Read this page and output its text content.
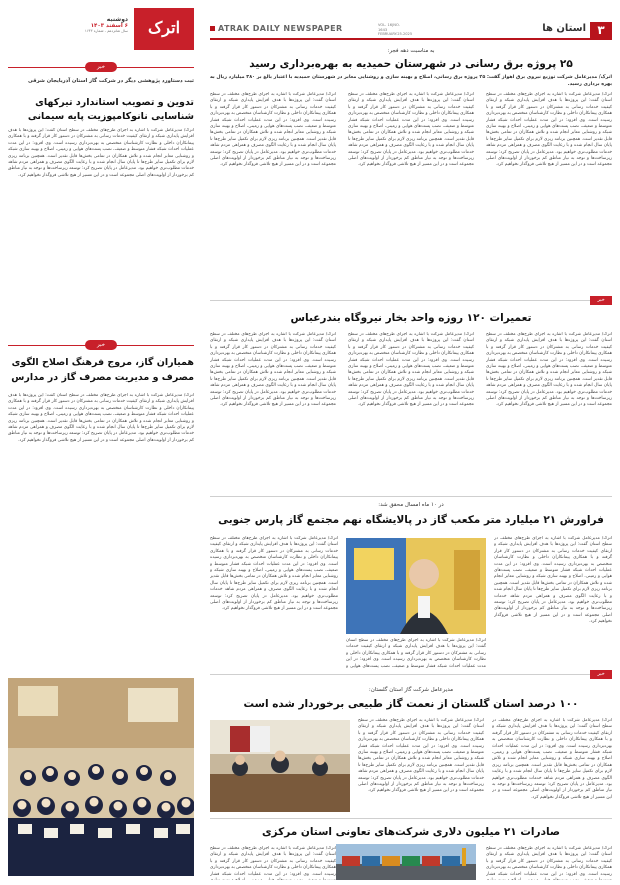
۳
استان ها
VOL. 16|NO. 1643
FEBRUARY.25.2025
ATRAK DAILY NEWSPAPER
اترک
دوشنبه
۶ اسفند ۱۴۰۳
سال شانزدهم - شماره ۱۶۴۳
خبر
ثبت دستاورد پژوهشی دیگر در شرکت گاز استان آذربایجان شرقی
تدوین و تصویب استاندارد تیرکهای شناسایی نانوکامپوزیت پایه سیمانی
اترک/ مدیرعامل شرکت با اشاره به اجرای طرح‌های مختلف در سطح استان گفت: این پروژه‌ها با هدف افزایش پایداری شبکه و ارتقای کیفیت خدمات رسانی به مشترکان در دستور کار قرار گرفته و با همکاری پیمانکاران داخلی و نظارت کارشناسان متخصص به بهره‌برداری رسیده است. وی افزود: در این مدت عملیات احداث شبکه فشار متوسط و ضعیف، نصب پست‌های هوایی و زمینی، اصلاح و بهینه سازی شبکه و روشنایی معابر انجام شده و تلاش همکاران در تمامی بخش‌ها قابل تقدیر است. همچنین برنامه ریزی لازم برای تکمیل سایر طرح‌ها تا پایان سال انجام شده و با رعایت الگوی مصرف و همراهی مردم شاهد خدمات مطلوب‌تری خواهیم بود. مدیرعامل در پایان تصریح کرد: توسعه زیرساخت‌ها و توجه به نیاز مناطق کم برخوردار از اولویت‌های اصلی مجموعه است و در این مسیر از هیچ تلاشی فروگذار نخواهیم کرد.
خبر
همیاران گاز، مروج فرهنگ اصلاح الگوی
مصرف و مدیریت مصرف گاز در مدارس
اترک/ مدیرعامل شرکت با اشاره به اجرای طرح‌های مختلف در سطح استان گفت: این پروژه‌ها با هدف افزایش پایداری شبکه و ارتقای کیفیت خدمات رسانی به مشترکان در دستور کار قرار گرفته و با همکاری پیمانکاران داخلی و نظارت کارشناسان متخصص به بهره‌برداری رسیده است. وی افزود: در این مدت عملیات احداث شبکه فشار متوسط و ضعیف، نصب پست‌های هوایی و زمینی، اصلاح و بهینه سازی شبکه و روشنایی معابر انجام شده و تلاش همکاران در تمامی بخش‌ها قابل تقدیر است. همچنین برنامه ریزی لازم برای تکمیل سایر طرح‌ها تا پایان سال انجام شده و با رعایت الگوی مصرف و همراهی مردم شاهد خدمات مطلوب‌تری خواهیم بود. مدیرعامل در پایان تصریح کرد: توسعه زیرساخت‌ها و توجه به نیاز مناطق کم برخوردار از اولویت‌های اصلی مجموعه است و در این مسیر از هیچ تلاشی فروگذار نخواهیم کرد.
به مناسبت دهه فجر:
۲۵ پروژه برق رسانی در شهرستان حمیدیه به بهره‌برداری رسید
اترک/ مدیرعامل شرکت توزیع نیروی برق اهواز گفت: ۲۵ پروژه برق رسانی، اصلاح و بهینه سازی و روشنایی معابر در شهرستان حمیدیه با اعتبار بالغ بر ۳۸۰ میلیارد ریال به بهره برداری رسید.
اترک/ مدیرعامل شرکت با اشاره به اجرای طرح‌های مختلف در سطح استان گفت: این پروژه‌ها با هدف افزایش پایداری شبکه و ارتقای کیفیت خدمات رسانی به مشترکان در دستور کار قرار گرفته و با همکاری پیمانکاران داخلی و نظارت کارشناسان متخصص به بهره‌برداری رسیده است. وی افزود: در این مدت عملیات احداث شبکه فشار متوسط و ضعیف، نصب پست‌های هوایی و زمینی، اصلاح و بهینه سازی شبکه و روشنایی معابر انجام شده و تلاش همکاران در تمامی بخش‌ها قابل تقدیر است. همچنین برنامه ریزی لازم برای تکمیل سایر طرح‌ها تا پایان سال انجام شده و با رعایت الگوی مصرف و همراهی مردم شاهد خدمات مطلوب‌تری خواهیم بود. مدیرعامل در پایان تصریح کرد: توسعه زیرساخت‌ها و توجه به نیاز مناطق کم برخوردار از اولویت‌های اصلی مجموعه است و در این مسیر از هیچ تلاشی فروگذار نخواهیم کرد.
اترک/ مدیرعامل شرکت با اشاره به اجرای طرح‌های مختلف در سطح استان گفت: این پروژه‌ها با هدف افزایش پایداری شبکه و ارتقای کیفیت خدمات رسانی به مشترکان در دستور کار قرار گرفته و با همکاری پیمانکاران داخلی و نظارت کارشناسان متخصص به بهره‌برداری رسیده است. وی افزود: در این مدت عملیات احداث شبکه فشار متوسط و ضعیف، نصب پست‌های هوایی و زمینی، اصلاح و بهینه سازی شبکه و روشنایی معابر انجام شده و تلاش همکاران در تمامی بخش‌ها قابل تقدیر است. همچنین برنامه ریزی لازم برای تکمیل سایر طرح‌ها تا پایان سال انجام شده و با رعایت الگوی مصرف و همراهی مردم شاهد خدمات مطلوب‌تری خواهیم بود. مدیرعامل در پایان تصریح کرد: توسعه زیرساخت‌ها و توجه به نیاز مناطق کم برخوردار از اولویت‌های اصلی مجموعه است و در این مسیر از هیچ تلاشی فروگذار نخواهیم کرد.
اترک/ مدیرعامل شرکت با اشاره به اجرای طرح‌های مختلف در سطح استان گفت: این پروژه‌ها با هدف افزایش پایداری شبکه و ارتقای کیفیت خدمات رسانی به مشترکان در دستور کار قرار گرفته و با همکاری پیمانکاران داخلی و نظارت کارشناسان متخصص به بهره‌برداری رسیده است. وی افزود: در این مدت عملیات احداث شبکه فشار متوسط و ضعیف، نصب پست‌های هوایی و زمینی، اصلاح و بهینه سازی شبکه و روشنایی معابر انجام شده و تلاش همکاران در تمامی بخش‌ها قابل تقدیر است. همچنین برنامه ریزی لازم برای تکمیل سایر طرح‌ها تا پایان سال انجام شده و با رعایت الگوی مصرف و همراهی مردم شاهد خدمات مطلوب‌تری خواهیم بود. مدیرعامل در پایان تصریح کرد: توسعه زیرساخت‌ها و توجه به نیاز مناطق کم برخوردار از اولویت‌های اصلی مجموعه است و در این مسیر از هیچ تلاشی فروگذار نخواهیم کرد.
خبر
تعمیرات ۱۲۰ روزه واحد بخار نیروگاه بندرعباس
اترک/ مدیرعامل شرکت با اشاره به اجرای طرح‌های مختلف در سطح استان گفت: این پروژه‌ها با هدف افزایش پایداری شبکه و ارتقای کیفیت خدمات رسانی به مشترکان در دستور کار قرار گرفته و با همکاری پیمانکاران داخلی و نظارت کارشناسان متخصص به بهره‌برداری رسیده است. وی افزود: در این مدت عملیات احداث شبکه فشار متوسط و ضعیف، نصب پست‌های هوایی و زمینی، اصلاح و بهینه سازی شبکه و روشنایی معابر انجام شده و تلاش همکاران در تمامی بخش‌ها قابل تقدیر است. همچنین برنامه ریزی لازم برای تکمیل سایر طرح‌ها تا پایان سال انجام شده و با رعایت الگوی مصرف و همراهی مردم شاهد خدمات مطلوب‌تری خواهیم بود. مدیرعامل در پایان تصریح کرد: توسعه زیرساخت‌ها و توجه به نیاز مناطق کم برخوردار از اولویت‌های اصلی مجموعه است و در این مسیر از هیچ تلاشی فروگذار نخواهیم کرد.
اترک/ مدیرعامل شرکت با اشاره به اجرای طرح‌های مختلف در سطح استان گفت: این پروژه‌ها با هدف افزایش پایداری شبکه و ارتقای کیفیت خدمات رسانی به مشترکان در دستور کار قرار گرفته و با همکاری پیمانکاران داخلی و نظارت کارشناسان متخصص به بهره‌برداری رسیده است. وی افزود: در این مدت عملیات احداث شبکه فشار متوسط و ضعیف، نصب پست‌های هوایی و زمینی، اصلاح و بهینه سازی شبکه و روشنایی معابر انجام شده و تلاش همکاران در تمامی بخش‌ها قابل تقدیر است. همچنین برنامه ریزی لازم برای تکمیل سایر طرح‌ها تا پایان سال انجام شده و با رعایت الگوی مصرف و همراهی مردم شاهد خدمات مطلوب‌تری خواهیم بود. مدیرعامل در پایان تصریح کرد: توسعه زیرساخت‌ها و توجه به نیاز مناطق کم برخوردار از اولویت‌های اصلی مجموعه است و در این مسیر از هیچ تلاشی فروگذار نخواهیم کرد.
اترک/ مدیرعامل شرکت با اشاره به اجرای طرح‌های مختلف در سطح استان گفت: این پروژه‌ها با هدف افزایش پایداری شبکه و ارتقای کیفیت خدمات رسانی به مشترکان در دستور کار قرار گرفته و با همکاری پیمانکاران داخلی و نظارت کارشناسان متخصص به بهره‌برداری رسیده است. وی افزود: در این مدت عملیات احداث شبکه فشار متوسط و ضعیف، نصب پست‌های هوایی و زمینی، اصلاح و بهینه سازی شبکه و روشنایی معابر انجام شده و تلاش همکاران در تمامی بخش‌ها قابل تقدیر است. همچنین برنامه ریزی لازم برای تکمیل سایر طرح‌ها تا پایان سال انجام شده و با رعایت الگوی مصرف و همراهی مردم شاهد خدمات مطلوب‌تری خواهیم بود. مدیرعامل در پایان تصریح کرد: توسعه زیرساخت‌ها و توجه به نیاز مناطق کم برخوردار از اولویت‌های اصلی مجموعه است و در این مسیر از هیچ تلاشی فروگذار نخواهیم کرد.
در ۱۰ ماه امسال محقق شد:
فراورش ۲۱ میلیارد متر مکعب گاز در پالایشگاه نهم مجتمع گاز پارس جنوبی
اترک/ مدیرعامل شرکت با اشاره به اجرای طرح‌های مختلف در سطح استان گفت: این پروژه‌ها با هدف افزایش پایداری شبکه و ارتقای کیفیت خدمات رسانی به مشترکان در دستور کار قرار گرفته و با همکاری پیمانکاران داخلی و نظارت کارشناسان متخصص به بهره‌برداری رسیده است. وی افزود: در این مدت عملیات احداث شبکه فشار متوسط و ضعیف، نصب پست‌های هوایی و زمینی، اصلاح و بهینه سازی شبکه و روشنایی معابر انجام شده و تلاش همکاران در تمامی بخش‌ها قابل تقدیر است. همچنین برنامه ریزی لازم برای تکمیل سایر طرح‌ها تا پایان سال انجام شده و با رعایت الگوی مصرف و همراهی مردم شاهد خدمات مطلوب‌تری خواهیم بود. مدیرعامل در پایان تصریح کرد: توسعه زیرساخت‌ها و توجه به نیاز مناطق کم برخوردار از اولویت‌های اصلی مجموعه است و در این مسیر از هیچ تلاشی فروگذار نخواهیم کرد.
اترک/ مدیرعامل شرکت با اشاره به اجرای طرح‌های مختلف در سطح استان گفت: این پروژه‌ها با هدف افزایش پایداری شبکه و ارتقای کیفیت خدمات رسانی به مشترکان در دستور کار قرار گرفته و با همکاری پیمانکاران داخلی و نظارت کارشناسان متخصص به بهره‌برداری رسیده است. وی افزود: در این مدت عملیات احداث شبکه فشار متوسط و ضعیف، نصب پست‌های هوایی و زمینی، اصلاح و بهینه سازی شبکه و روشنایی معابر انجام شده و تلاش همکاران در تمامی بخش‌ها قابل تقدیر است. همچنین برنامه ریزی لازم برای تکمیل سایر طرح‌ها تا پایان سال انجام شده و با رعایت الگوی مصرف و همراهی مردم شاهد خدمات مطلوب‌تری خواهیم بود. مدیرعامل در پایان تصریح کرد: توسعه زیرساخت‌ها و توجه به نیاز مناطق کم برخوردار از اولویت‌های اصلی مجموعه است و در این مسیر از هیچ تلاشی فروگذار نخواهیم کرد.
اترک/ مدیرعامل شرکت با اشاره به اجرای طرح‌های مختلف در سطح استان گفت: این پروژه‌ها با هدف افزایش پایداری شبکه و ارتقای کیفیت خدمات رسانی به مشترکان در دستور کار قرار گرفته و با همکاری پیمانکاران داخلی و نظارت کارشناسان متخصص به بهره‌برداری رسیده است. وی افزود: در این مدت عملیات احداث شبکه فشار متوسط و ضعیف، نصب پست‌های هوایی و
خبر
مدیرعامل شرکت گاز استان گلستان:
۱۰۰ درصد استان گلستان از نعمت گاز طبیعی برخوردار شده است
اترک/ مدیرعامل شرکت با اشاره به اجرای طرح‌های مختلف در سطح استان گفت: این پروژه‌ها با هدف افزایش پایداری شبکه و ارتقای کیفیت خدمات رسانی به مشترکان در دستور کار قرار گرفته و با همکاری پیمانکاران داخلی و نظارت کارشناسان متخصص به بهره‌برداری رسیده است. وی افزود: در این مدت عملیات احداث شبکه فشار متوسط و ضعیف، نصب پست‌های هوایی و زمینی، اصلاح و بهینه سازی شبکه و روشنایی معابر انجام شده و تلاش همکاران در تمامی بخش‌ها قابل تقدیر است. همچنین برنامه ریزی لازم برای تکمیل سایر طرح‌ها تا پایان سال انجام شده و با رعایت الگوی مصرف و همراهی مردم شاهد خدمات مطلوب‌تری خواهیم بود. مدیرعامل در پایان تصریح کرد: توسعه زیرساخت‌ها و توجه به نیاز مناطق کم برخوردار از اولویت‌های اصلی مجموعه است و در این مسیر از هیچ تلاشی فروگذار نخواهیم کرد.
اترک/ مدیرعامل شرکت با اشاره به اجرای طرح‌های مختلف در سطح استان گفت: این پروژه‌ها با هدف افزایش پایداری شبکه و ارتقای کیفیت خدمات رسانی به مشترکان در دستور کار قرار گرفته و با همکاری پیمانکاران داخلی و نظارت کارشناسان متخصص به بهره‌برداری رسیده است. وی افزود: در این مدت عملیات احداث شبکه فشار متوسط و ضعیف، نصب پست‌های هوایی و زمینی، اصلاح و بهینه سازی شبکه و روشنایی معابر انجام شده و تلاش همکاران در تمامی بخش‌ها قابل تقدیر است. همچنین برنامه ریزی لازم برای تکمیل سایر طرح‌ها تا پایان سال انجام شده و با رعایت الگوی مصرف و همراهی مردم شاهد خدمات مطلوب‌تری خواهیم بود. مدیرعامل در پایان تصریح کرد: توسعه زیرساخت‌ها و توجه به نیاز مناطق کم برخوردار از اولویت‌های اصلی مجموعه است و در این مسیر از هیچ تلاشی فروگذار نخواهیم کرد.
صادرات ۲۱ میلیون دلاری شرکت‌های تعاونی استان مرکزی
اترک/ مدیرعامل شرکت با اشاره به اجرای طرح‌های مختلف در سطح استان گفت: این پروژه‌ها با هدف افزایش پایداری شبکه و ارتقای کیفیت خدمات رسانی به مشترکان در دستور کار قرار گرفته و با همکاری پیمانکاران داخلی و نظارت کارشناسان متخصص به بهره‌برداری رسیده است. وی افزود: در این مدت عملیات احداث شبکه فشار
اترک/ مدیرعامل شرکت با اشاره به اجرای طرح‌های مختلف در سطح استان گفت: این پروژه‌ها با هدف افزایش پایداری شبکه و ارتقای کیفیت خدمات رسانی به مشترکان در دستور کار قرار گرفته و با همکاری پیمانکاران داخلی و نظارت کارشناسان متخصص به بهره‌برداری رسیده است. وی افزود: در این مدت عملیات احداث شبکه فشار
